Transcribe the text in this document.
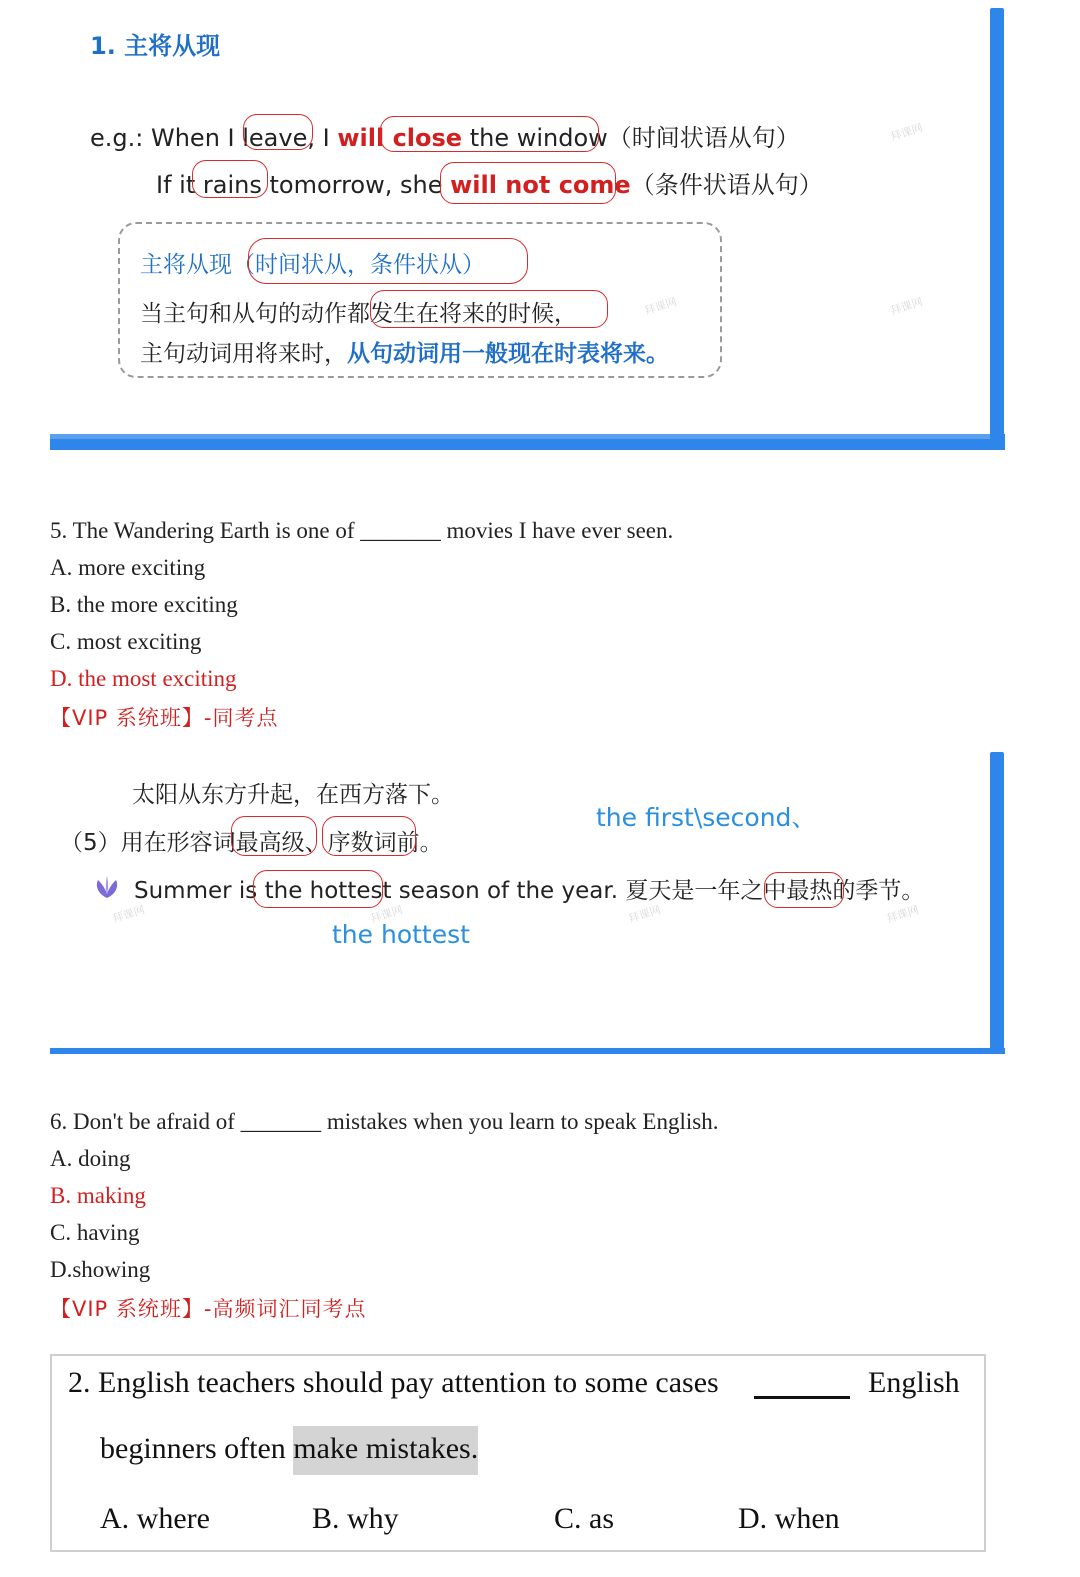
1. 主将从现
e.g.: When I leave, I will close the window（时间状语从句）
If it rains tomorrow, she will not come（条件状语从句）
主将从现（时间状从，条件状从）
当主句和从句的动作都发生在将来的时候，
主句动词用将来时，从句动词用一般现在时表将来。
拜课网
拜课网	拜课网
5. The Wandering Earth is one of _______ movies I have ever seen.
A. more exciting
B. the more exciting
C. most exciting
D. the most exciting
【VIP 系统班】-同考点
太阳从东方升起，在西方落下。
（5）用在形容词最高级、序数词前。
the first\second、
Summer is the hottest season of the year. 夏天是一年之中最热的季节。
the hottest
拜课网	拜课网	拜课网	拜课网
6. Don't be afraid of _______ mistakes when you learn to speak English.
A. doing
B. making
C. having
D.showing
【VIP 系统班】-高频词汇同考点
2. English teachers should pay attention to some cases	English
beginners often make mistakes.
A. where	B. why	C. as	D. when
